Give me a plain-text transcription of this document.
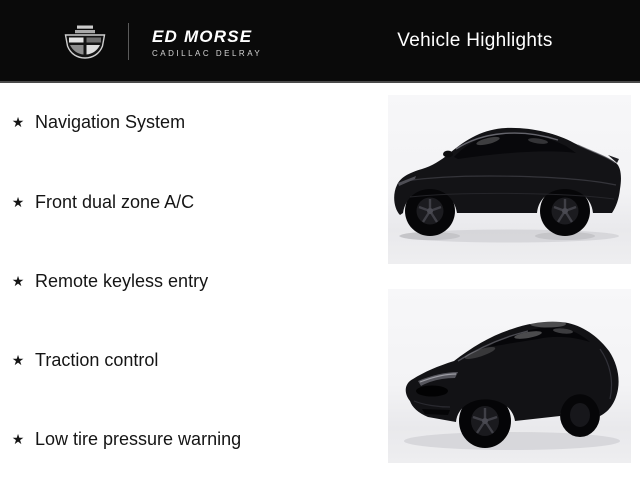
ED MORSE
CADILLAC DELRAY
Vehicle Highlights
★ Navigation System
★ Front dual zone A/C
★ Remote keyless entry
★ Traction control
★ Low tire pressure warning
